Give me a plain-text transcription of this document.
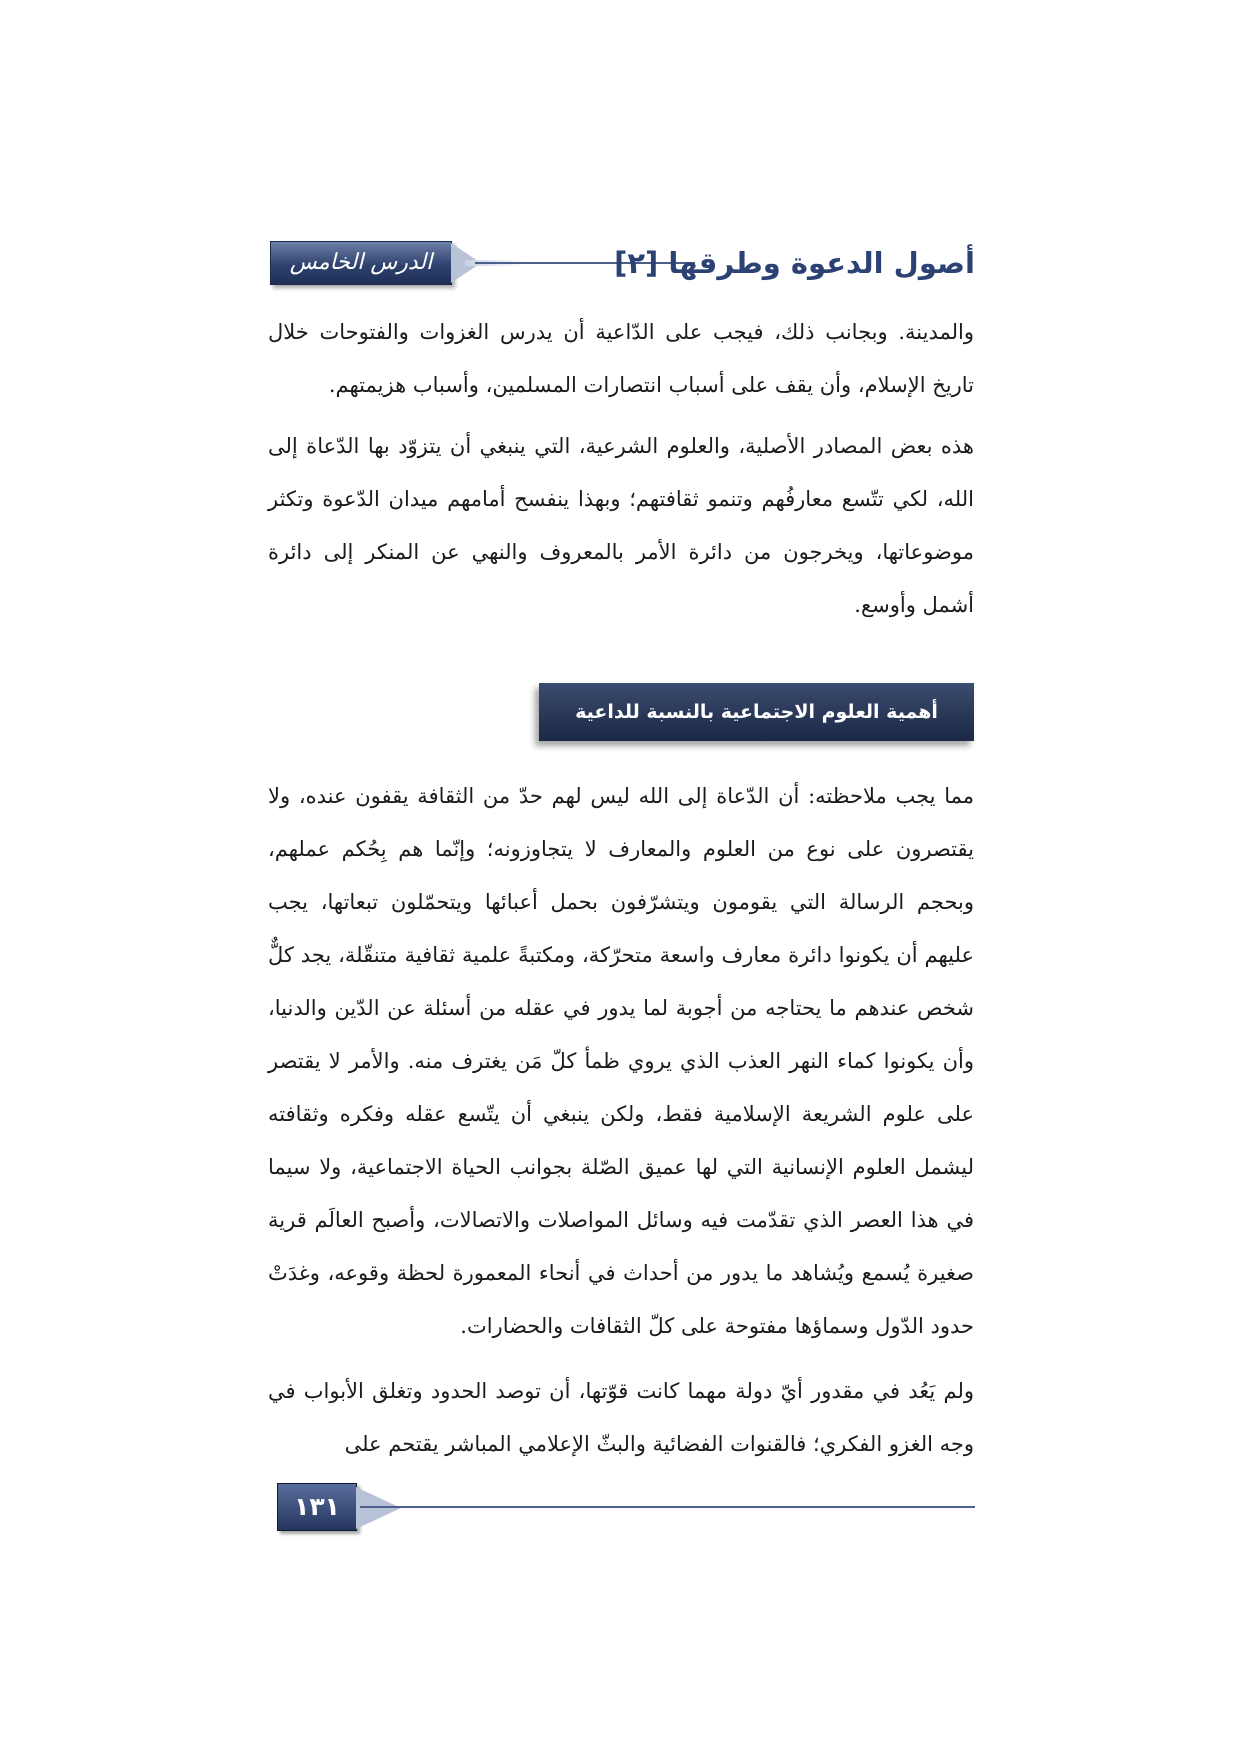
الدرس الخامس	أصول الدعوة وطرقها [٢]

والمدينة. وبجانب ذلك، فيجب على الدّاعية أن يدرس الغزوات والفتوحات خلال تاريخ الإسلام، وأن يقف على أسباب انتصارات المسلمين، وأسباب هزيمتهم.

هذه بعض المصادر الأصلية، والعلوم الشرعية، التي ينبغي أن يتزوّد بها الدّعاة إلى الله، لكي تتّسع معارفُهم وتنمو ثقافتهم؛ وبهذا ينفسح أمامهم ميدان الدّعوة وتكثر موضوعاتها، ويخرجون من دائرة الأمر بالمعروف والنهي عن المنكر إلى دائرة أشمل وأوسع.

أهمية العلوم الاجتماعية بالنسبة للداعية المسلم

مما يجب ملاحظته: أن الدّعاة إلى الله ليس لهم حدّ من الثقافة يقفون عنده، ولا يقتصرون على نوع من العلوم والمعارف لا يتجاوزونه؛ وإنّما هم بِحُكم عملهم، وبحجم الرسالة التي يقومون ويتشرّفون بحمل أعبائها ويتحمّلون تبعاتها، يجب عليهم أن يكونوا دائرة معارف واسعة متحرّكة، ومكتبةً علمية ثقافية متنقّلة، يجد كلٌّ شخص عندهم ما يحتاجه من أجوبة لما يدور في عقله من أسئلة عن الدّين والدنيا، وأن يكونوا كماء النهر العذب الذي يروي ظمأ كلّ مَن يغترف منه. والأمر لا يقتصر على علوم الشريعة الإسلامية فقط، ولكن ينبغي أن يتّسع عقله وفكره وثقافته ليشمل العلوم الإنسانية التي لها عميق الصّلة بجوانب الحياة الاجتماعية، ولا سيما في هذا العصر الذي تقدّمت فيه وسائل المواصلات والاتصالات، وأصبح العالَم قرية صغيرة يُسمع ويُشاهد ما يدور من أحداث في أنحاء المعمورة لحظة وقوعه، وغدَتْ حدود الدّول وسماؤها مفتوحة على كلّ الثقافات والحضارات.

ولم يَعُد في مقدور أيّ دولة مهما كانت قوّتها، أن توصد الحدود وتغلق الأبواب في وجه الغزو الفكري؛ فالقنوات الفضائية والبثّ الإعلامي المباشر يقتحم على

١٣١
